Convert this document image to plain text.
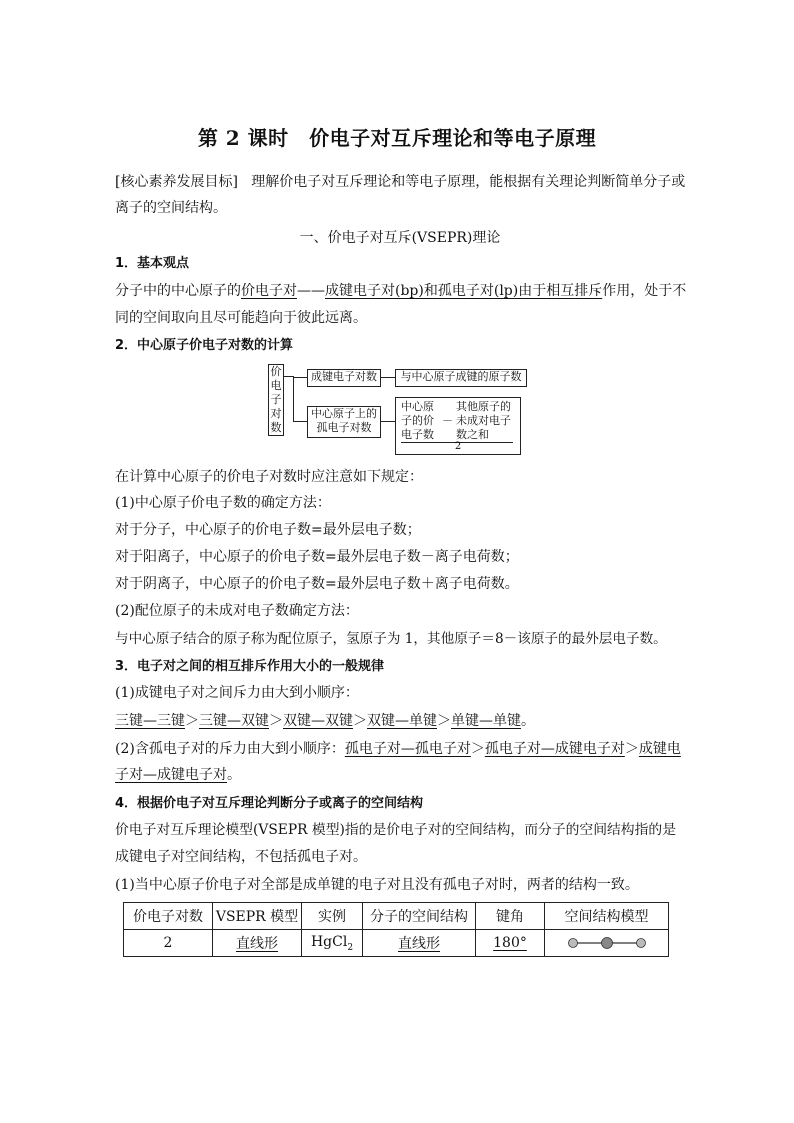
第 2 课时　价电子对互斥理论和等电子原理
[核心素养发展目标] 理解价电子对互斥理论和等电子原理，能根据有关理论判断简单分子或
离子的空间结构。
一、价电子对互斥(VSEPR)理论
1．基本观点
分子中的中心原子的价电子对——成键电子对(bp)和孤电子对(lp)由于相互排斥作用，处于不
同的空间取向且尽可能趋向于彼此远离。
2．中心原子价电子对数的计算
价
电
子
对
数
成键电子对数	与中心原子成键的原子数
中心原子上的
孤电子对数
中心原
子的价
电子数
－
其他原子的
未成对电子
数之和
2
在计算中心原子的价电子对数时应注意如下规定：
(1)中心原子价电子数的确定方法：
对于分子，中心原子的价电子数=最外层电子数；
对于阳离子，中心原子的价电子数=最外层电子数－离子电荷数；
对于阴离子，中心原子的价电子数=最外层电子数＋离子电荷数。
(2)配位原子的未成对电子数确定方法：
与中心原子结合的原子称为配位原子，氢原子为 1，其他原子＝8－该原子的最外层电子数。
3．电子对之间的相互排斥作用大小的一般规律
(1)成键电子对之间斥力由大到小顺序：
三键—三键＞三键—双键＞双键—双键＞双键—单键＞单键—单键。
(2)含孤电子对的斥力由大到小顺序：孤电子对—孤电子对＞孤电子对—成键电子对＞成键电
子对—成键电子对。
4．根据价电子对互斥理论判断分子或离子的空间结构
价电子对互斥理论模型(VSEPR 模型)指的是价电子对的空间结构，而分子的空间结构指的是
成键电子对空间结构，不包括孤电子对。
(1)当中心原子价电子对全部是成单键的电子对且没有孤电子对时，两者的结构一致。
价电子对数	VSEPR 模型	实例	分子的空间结构	键角	空间结构模型
2	直线形	HgCl$_2$	直线形	180°	
